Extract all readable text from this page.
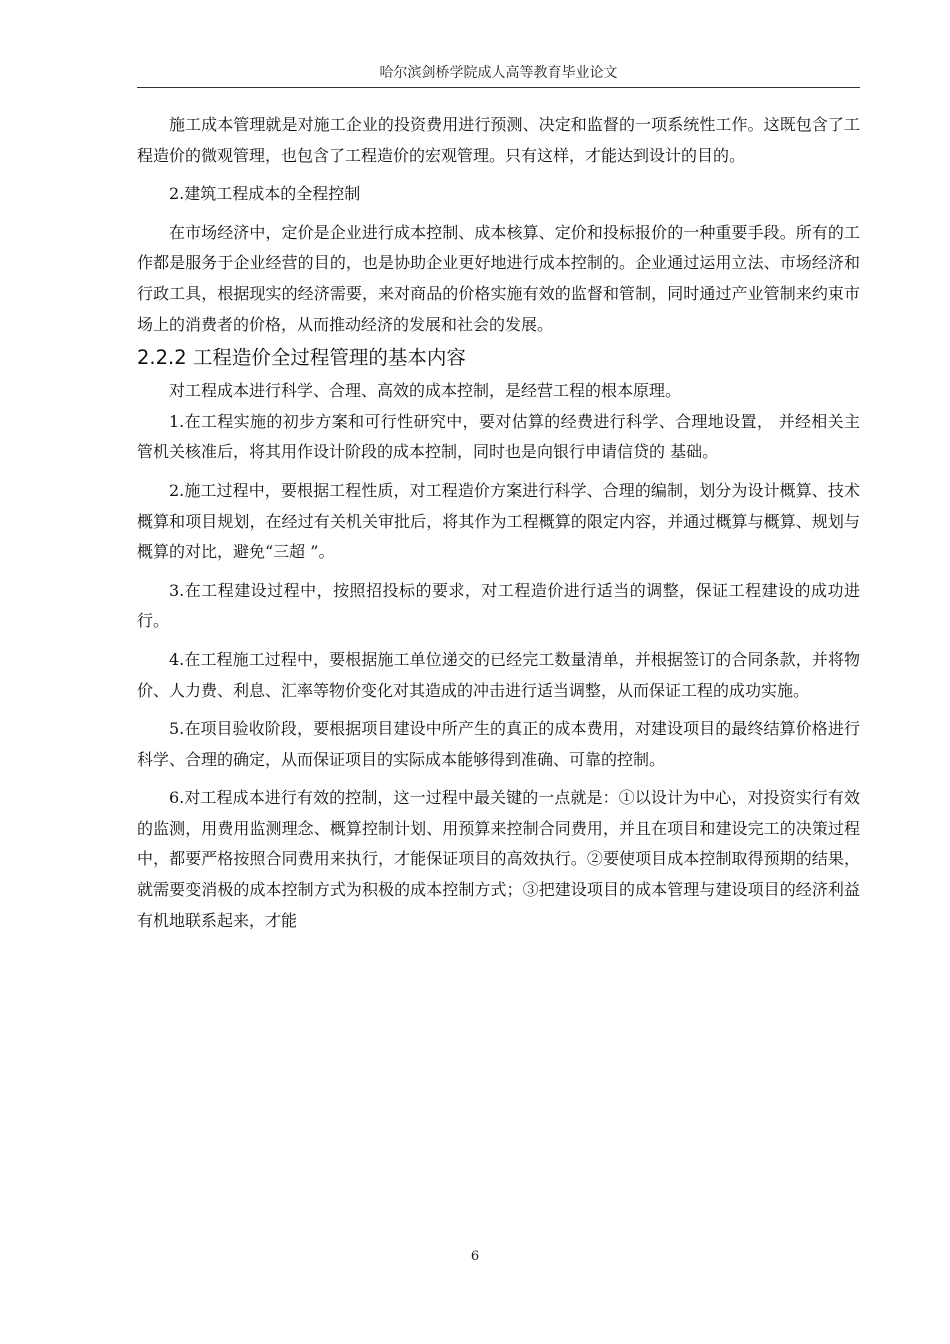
哈尔滨剑桥学院成人高等教育毕业论文

施工成本管理就是对施工企业的投资费用进行预测、决定和监督的一项系统性工作。这既包含了工程造价的微观管理，也包含了工程造价的宏观管理。只有这样，才能达到设计的目的。

2.建筑工程成本的全程控制

在市场经济中，定价是企业进行成本控制、成本核算、定价和投标报价的一种重要手段。所有的工作都是服务于企业经营的目的，也是协助企业更好地进行成本控制的。企业通过运用立法、市场经济和行政工具，根据现实的经济需要，来对商品的价格实施有效的监督和管制，同时通过产业管制来约束市场上的消费者的价格，从而推动经济的发展和社会的发展。

2.2.2 工程造价全过程管理的基本内容

对工程成本进行科学、合理、高效的成本控制，是经营工程的根本原理。

1.在工程实施的初步方案和可行性研究中，要对估算的经费进行科学、合理地设置， 并经相关主管机关核准后，将其用作设计阶段的成本控制，同时也是向银行申请信贷的 基础。

2.施工过程中，要根据工程性质，对工程造价方案进行科学、合理的编制，划分为设计概算、技术概算和项目规划，在经过有关机关审批后，将其作为工程概算的限定内容，并通过概算与概算、规划与概算的对比，避免“三超 ”。

3.在工程建设过程中，按照招投标的要求，对工程造价进行适当的调整，保证工程建设的成功进行。

4.在工程施工过程中，要根据施工单位递交的已经完工数量清单，并根据签订的合同条款，并将物价、人力费、利息、汇率等物价变化对其造成的冲击进行适当调整，从而保证工程的成功实施。

5.在项目验收阶段，要根据项目建设中所产生的真正的成本费用，对建设项目的最终结算价格进行科学、合理的确定，从而保证项目的实际成本能够得到准确、可靠的控制。

6.对工程成本进行有效的控制，这一过程中最关键的一点就是：①以设计为中心，对投资实行有效的监测，用费用监测理念、概算控制计划、用预算来控制合同费用，并且在项目和建设完工的决策过程中，都要严格按照合同费用来执行，才能保证项目的高效执行。②要使项目成本控制取得预期的结果，就需要变消极的成本控制方式为积极的成本控制方式；③把建设项目的成本管理与建设项目的经济利益有机地联系起来，才能

6
